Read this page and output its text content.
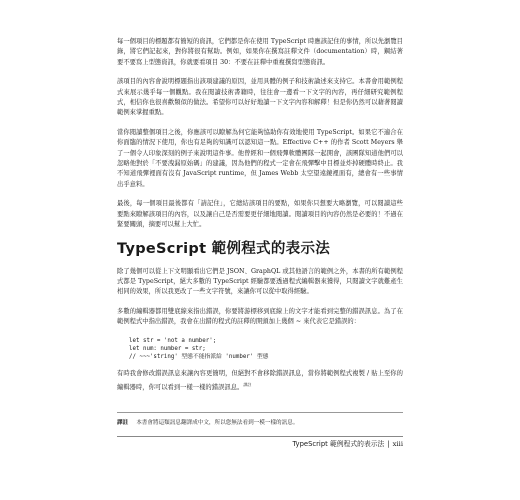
每一個項目的標題都有簡短的資訊，它們都是你在使用 TypeScript 時應該記住的事情，所以先瀏覽目錄，將它們記起來，對你將很有幫助。例如，如果你在撰寫註釋文件（documentation）時，鋼結著要不要寫上型態資訊，你就要看項目 30：不要在註釋中重複撰寫型態資訊。

該項目的內容會說明標題指出該項建議的原因，並用具體的例子和技術論述來支持它。本書會用範例程式來展示幾乎每一個觀點。我在閱讀技術書籍時，往往會一邊看一下文字的內容，再仔細研究範例程式，相信你也很喜歡類似的做法。希望你可以好好地讀一下文字內容和解釋！但是你仍然可以藉著閱讀範例來掌握重點。

當你閱讀整個項目之後，你應該可以瞭解為何它能夠協助你有效地使用 TypeScript。如果它不適合在你面臨的情況下使用，你也有足夠的知識可以認知這一點。Effective C++ 的作者 Scott Meyers 舉了一個令人印象深刻的例子來說明這件事。他曾經和一個飛彈軟體團隊一起開會，該團隊知道他們可以忽略他對於「不要洩漏原始碼」的建議，因為他們的程式一定會在飛彈擊中目標並炸掉硬體時終止。我不知道飛彈裡面有沒有 JavaScript runtime，但 James Webb 太空望遠鏡裡面有，總會有一些事情出乎意料。

最後，每一個項目最後都有「請記住」，它總結該項目的要點，如果你只想要大略瀏覽，可以閱讀這些要點來瞭解該項目的內容，以及讓自己是否需要更仔細地閱讀。閱讀項目的內容仍然是必要的！不過在緊要關頭，摘要可以幫上大忙。

TypeScript 範例程式的表示法

除了幾個可以從上下文明顯看出它們是 JSON、GraphQL 或其他語言的範例之外，本書的所有範例程式都是 TypeScript，絕大多數的 TypeScript 經驗都要透過程式編輯器來獲得，只閱讀文字就難產生相同的效果，所以我更改了一些文字符號，來讓你可以從中取得經驗。

多數的編輯器都用雙底線來指出錯誤，你要將游標移到底線上的文字才能看到完整的錯誤訊息。為了在範例程式中指出錯誤，我會在出錯的程式的註釋的開頭加上幾個 ~ 來代表它是錯誤的：

let str = 'not a number';
let num: number = str;
// ~~~'string' 型態不能指派給 'number' 型態

有時我會修改錯誤訊息來讓內容更簡明，但絕對不會移除錯誤訊息，當你將範例程式複製 / 貼上至你的編輯器時，你可以看到一樣一樣的錯誤訊息。$^{譯註}$

譯註 本書會將這類訊息翻譯成中文，所以您無法看到一模一樣的訊息。
TypeScript 範例程式的表示法 | xiii
